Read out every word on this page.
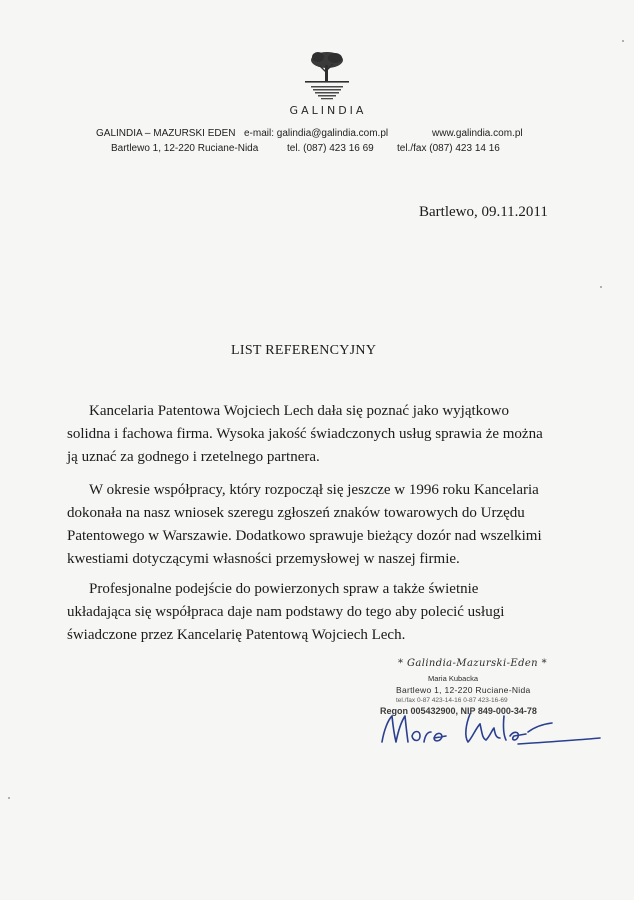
GALINDIA
GALINDIA – MAZURSKI EDEN e-mail: galindia@galindia.com.pl	www.galindia.com.pl
Bartlewo 1, 12-220 Ruciane-Nida	tel. (087) 423 16 69 tel./fax (087) 423 14 16
Bartlewo, 09.11.2011
LIST REFERENCYJNY
Kancelaria Patentowa Wojciech Lech dała się poznać jako wyjątkowo
solidna i fachowa firma. Wysoka jakość świadczonych usług sprawia że można
ją uznać za godnego i rzetelnego partnera.
W okresie współpracy, który rozpoczął się jeszcze w 1996 roku Kancelaria
dokonała na nasz wniosek szeregu zgłoszeń znaków towarowych do Urzędu
Patentowego w Warszawie. Dodatkowo sprawuje bieżący dozór nad wszelkimi
kwestiami dotyczącymi własności przemysłowej w naszej firmie.
Profesjonalne podejście do powierzonych spraw a także świetnie
układająca się współpraca daje nam podstawy do tego aby polecić usługi
świadczone przez Kancelarię Patentową Wojciech Lech.
* Galindia-Mazurski-Eden *
Maria Kubacka
Bartlewo 1, 12-220 Ruciane-Nida
tel./fax 0-87 423-14-16 0-87 423-16-69
Regon 005432900, NIP 849-000-34-78
